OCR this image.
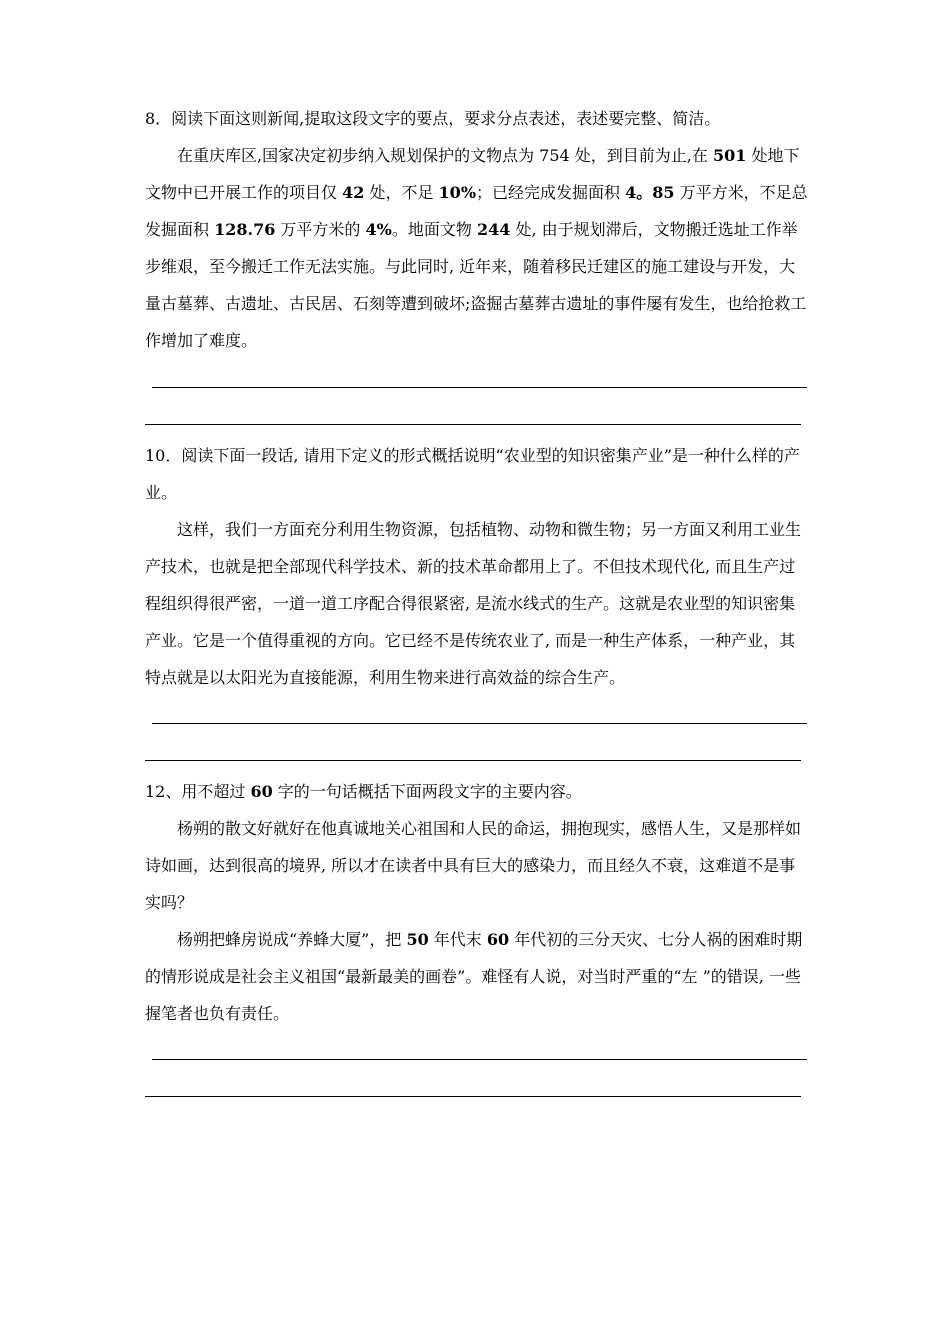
8．阅读下面这则新闻,提取这段文字的要点，要求分点表述，表述要完整、简洁。

在重庆库区,国家决定初步纳入规划保护的文物点为 754 处，到目前为止,在 501 处地下文物中已开展工作的项目仅 42 处，不足 10%；已经完成发掘面积 4。85 万平方米，不足总发掘面积 128.76 万平方米的 4%。地面文物 244 处, 由于规划滞后，文物搬迁选址工作举步维艰，至今搬迁工作无法实施。与此同时, 近年来，随着移民迁建区的施工建设与开发，大量古墓葬、古遗址、古民居、石刻等遭到破坏;盗掘古墓葬古遗址的事件屡有发生，也给抢救工作增加了难度。

10．阅读下面一段话, 请用下定义的形式概括说明“农业型的知识密集产业”是一种什么样的产业。

这样，我们一方面充分利用生物资源，包括植物、动物和微生物；另一方面又利用工业生产技术，也就是把全部现代科学技术、新的技术革命都用上了。不但技术现代化, 而且生产过程组织得很严密，一道一道工序配合得很紧密, 是流水线式的生产。这就是农业型的知识密集产业。它是一个值得重视的方向。它已经不是传统农业了, 而是一种生产体系，一种产业，其特点就是以太阳光为直接能源，利用生物来进行高效益的综合生产。

12、用不超过 60 字的一句话概括下面两段文字的主要内容。

杨朔的散文好就好在他真诚地关心祖国和人民的命运，拥抱现实，感悟人生，又是那样如诗如画，达到很高的境界, 所以才在读者中具有巨大的感染力，而且经久不衰，这难道不是事实吗？

杨朔把蜂房说成“养蜂大厦”，把 50 年代末 60 年代初的三分天灾、七分人祸的困难时期的情形说成是社会主义祖国“最新最美的画卷”。难怪有人说，对当时严重的“左 ”的错误, 一些握笔者也负有责任。
